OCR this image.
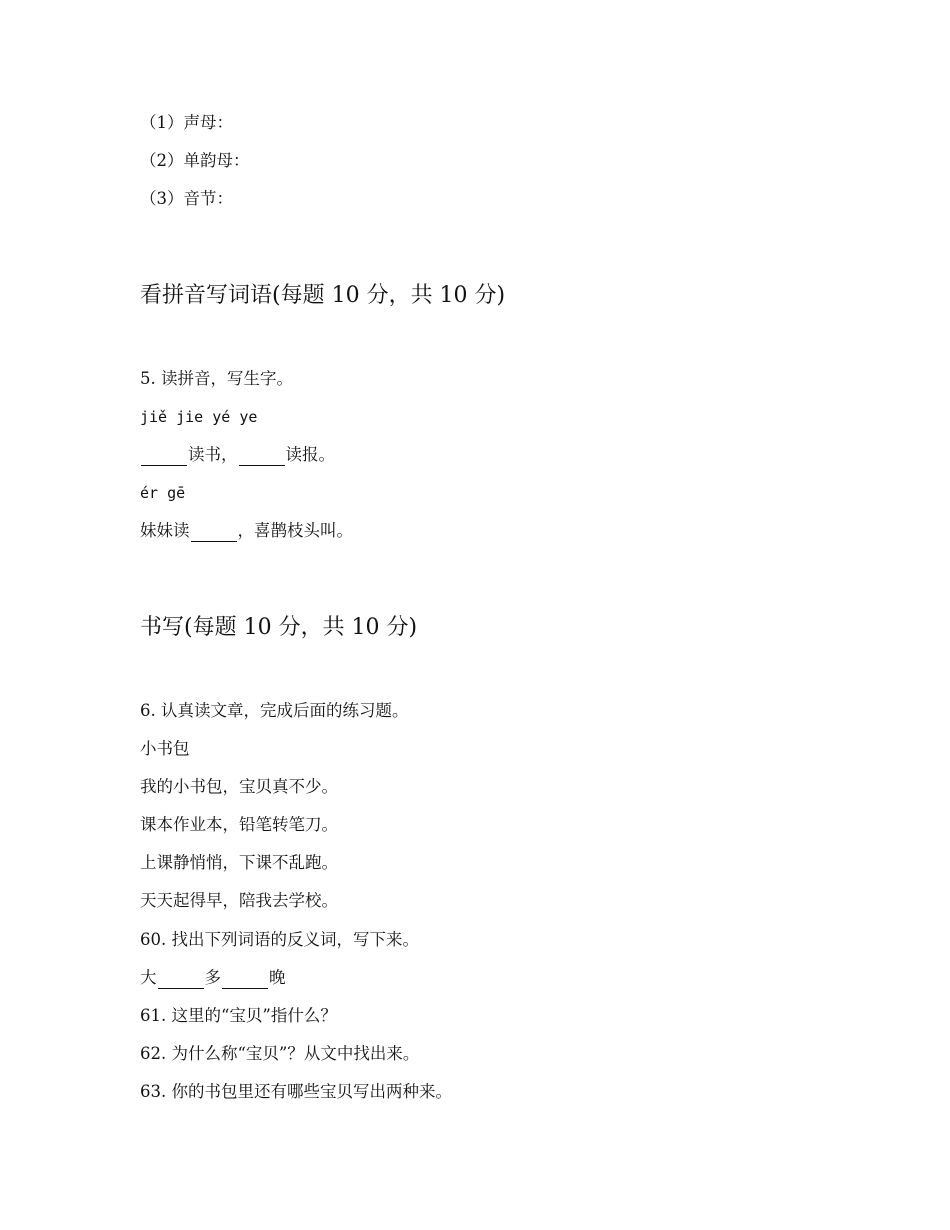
（1）声母：

（2）单韵母：

（3）音节：

看拼音写词语(每题 10 分，共 10 分)

5. 读拼音，写生字。

jiě jie yé ye

读书，	读报。

ér gē

妹妹读	，喜鹊枝头叫。

书写(每题 10 分，共 10 分)

6. 认真读文章，完成后面的练习题。

小书包

我的小书包，宝贝真不少。

课本作业本，铅笔转笔刀。

上课静悄悄，下课不乱跑。

天天起得早，陪我去学校。

60. 找出下列词语的反义词，写下来。

大	多	晚

61. 这里的“宝贝”指什么？

62. 为什么称“宝贝”？从文中找出来。

63. 你的书包里还有哪些宝贝写出两种来。
